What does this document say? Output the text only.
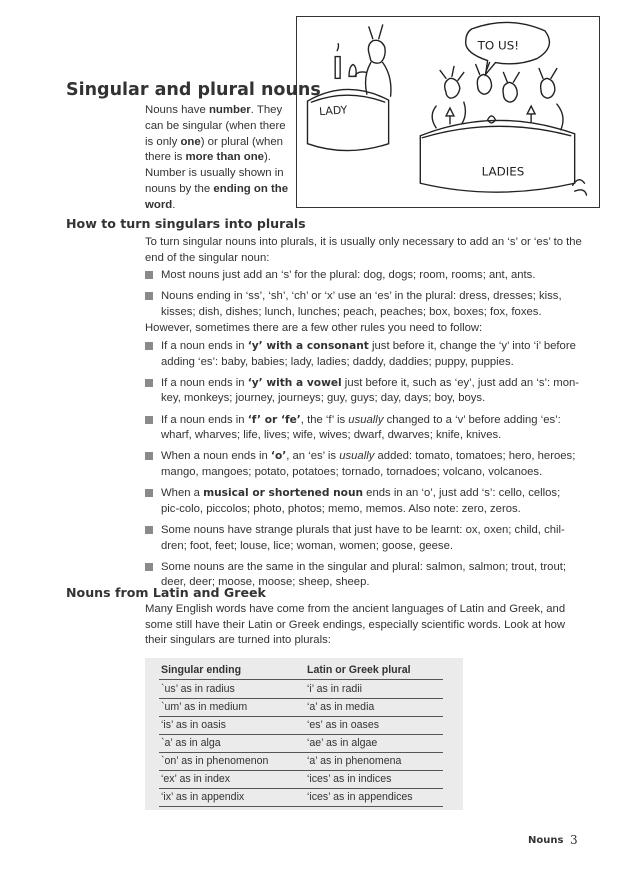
LADY
TO US!
LADIES
Singular and plural nouns
Nouns have number. They can be singular (when there is only one) or plural (when there is more than one). Number is usually shown in nouns by the ending on the word.
How to turn singulars into plurals

To turn singular nouns into plurals, it is usually only necessary to add an ‘s’ or ‘es’ to the end of the singular noun:

Most nouns just add an ‘s’ for the plural: dog, dogs; room, rooms; ant, ants.
Nouns ending in ‘ss’, ‘sh’, ‘ch’ or ‘x’ use an ‘es’ in the plural: dress, dresses; kiss, kisses; dish, dishes; lunch, lunches; peach, peaches; box, boxes; fox, foxes.

However, sometimes there are a few other rules you need to follow:

If a noun ends in ‘y’ with a consonant just before it, change the ‘y’ into ‘i’ before adding ‘es’: baby, babies; lady, ladies; daddy, daddies; puppy, puppies.
If a noun ends in ‘y’ with a vowel just before it, such as ‘ey’, just add an ‘s’: mon-key, monkeys; journey, journeys; guy, guys; day, days; boy, boys.
If a noun ends in ‘f’ or ‘fe’, the ‘f’ is usually changed to a ‘v’ before adding ‘es’: wharf, wharves; life, lives; wife, wives; dwarf, dwarves; knife, knives.
When a noun ends in ‘o’, an ‘es’ is usually added: tomato, tomatoes; hero, heroes; mango, mangoes; potato, potatoes; tornado, tornadoes; volcano, volcanoes.
When a musical or shortened noun ends in an ‘o’, just add ‘s’: cello, cellos; pic-colo, piccolos; photo, photos; memo, memos. Also note: zero, zeros.
Some nouns have strange plurals that just have to be learnt: ox, oxen; child, chil-dren; foot, feet; louse, lice; woman, women; goose, geese.
Some nouns are the same in the singular and plural: salmon, salmon; trout, trout; deer, deer; moose, moose; sheep, sheep.
Nouns from Latin and Greek

Many English words have come from the ancient languages of Latin and Greek, and some still have their Latin or Greek endings, especially scientific words. Look at how their singulars are turned into plurals:

Singular ending	Latin or Greek plural
`us’ as in radius	‘i’ as in radii
`um’ as in medium	‘a’ as in media
‘is’ as in oasis	‘es’ as in oases
`a’ as in alga	‘ae’ as in algae
`on’ as in phenomenon	‘a’ as in phenomena
‘ex’ as in index	‘ices’ as in indices
‘ix’ as in appendix	‘ices’ as in appendices
Nouns 3
